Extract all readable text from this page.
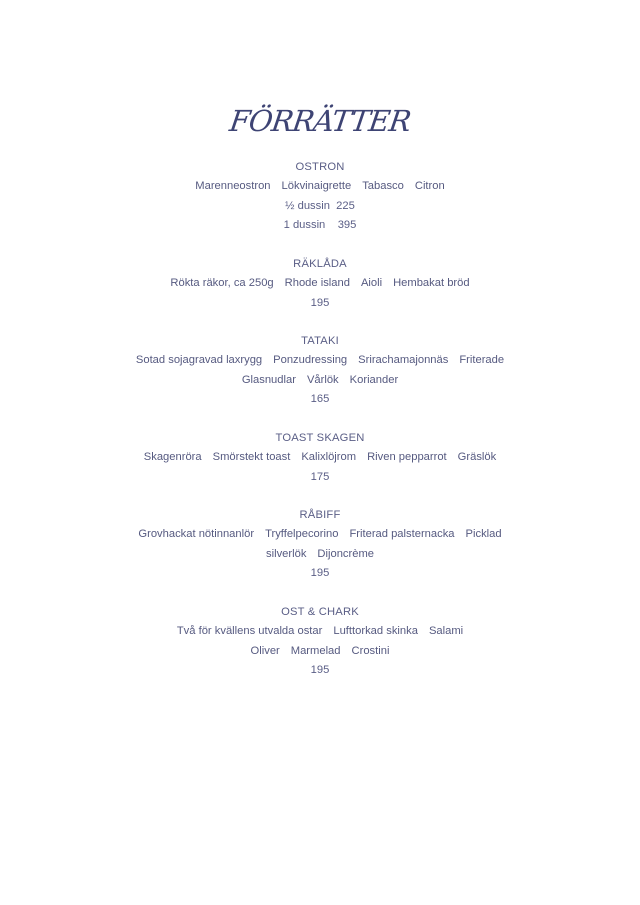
FÖRRÄTTER
OSTRON
Marenneostron Lökvinaigrette Tabasco Citron
½ dussin  225
1 dussin    395
RÄKLÅDA
Rökta räkor, ca 250g Rhode island Aioli Hembakat bröd
195
TATAKI
Sotad sojagravad laxrygg Ponzudressing Srirachamajonnäs Friterade
Glasnudlar Vårlök Koriander
165
TOAST SKAGEN
Skagenröra Smörstekt toast Kalixlöjrom Riven pepparrot Gräslök
175
RÅBIFF
Grovhackat nötinnanlör Tryffelpecorino Friterad palsternacka Picklad
silverlök Dijoncrème
195
OST & CHARK
Två för kvällens utvalda ostar Lufttorkad skinka Salami
Oliver Marmelad Crostini
195
